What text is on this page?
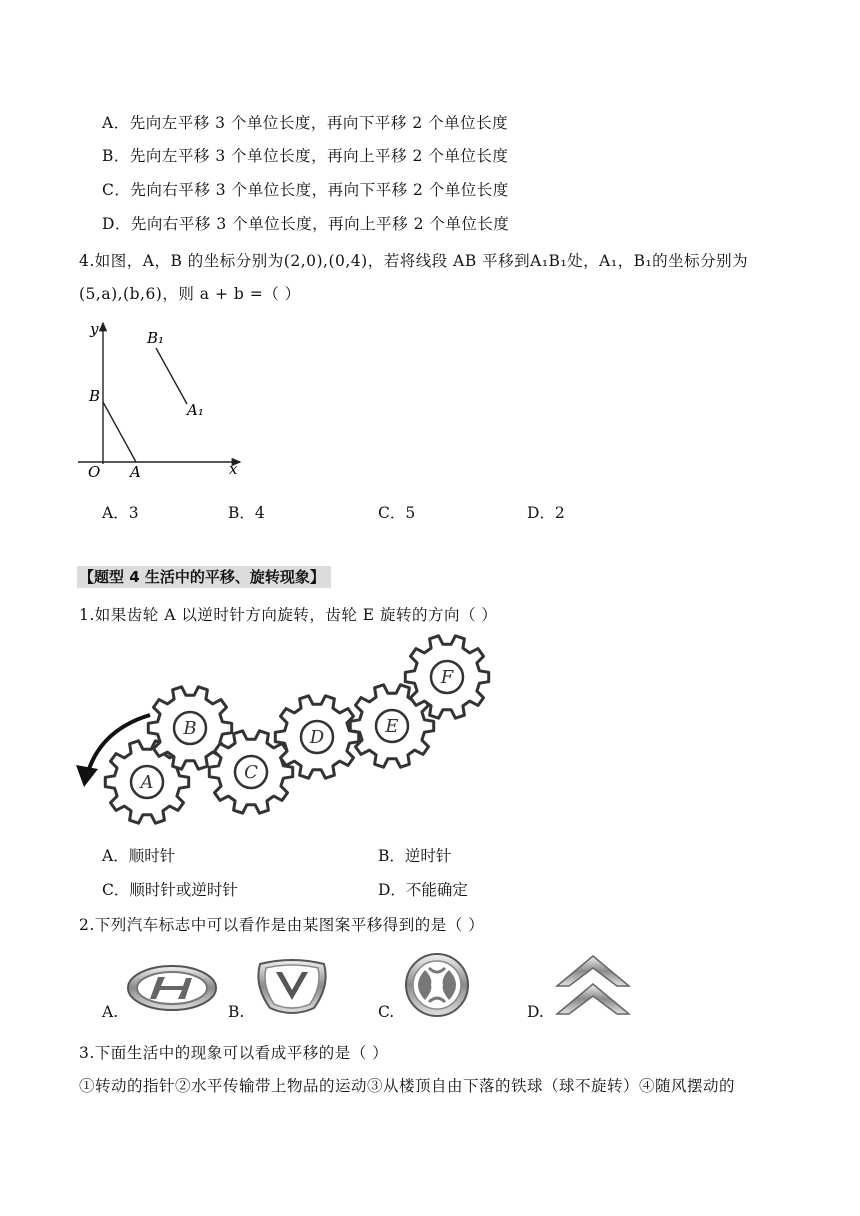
A．先向左平移 3 个单位长度，再向下平移 2 个单位长度
B．先向左平移 3 个单位长度，再向上平移 2 个单位长度
C．先向右平移 3 个单位长度，再向下平移 2 个单位长度
D．先向右平移 3 个单位长度，再向上平移 2 个单位长度
4.如图，A，B 的坐标分别为(2,0),(0,4)，若将线段 AB 平移到A₁B₁处，A₁，B₁的坐标分别为
(5,a),(b,6)，则 a + b =（ ）
y
x
O A
B
B₁
A₁
A．3	B．4	C．5	D．2
【题型 4 生活中的平移、旋转现象】
1.如果齿轮 A 以逆时针方向旋转，齿轮 E 旋转的方向（ ）
A
B
C
D
E
F
A．顺时针	B．逆时针
C．顺时针或逆时针	D．不能确定
2.下列汽车标志中可以看作是由某图案平移得到的是（ ）
A.	B.	C.	D.
3.下面生活中的现象可以看成平移的是（ ）
①转动的指针②水平传输带上物品的运动③从楼顶自由下落的铁球（球不旋转）④随风摆动的
